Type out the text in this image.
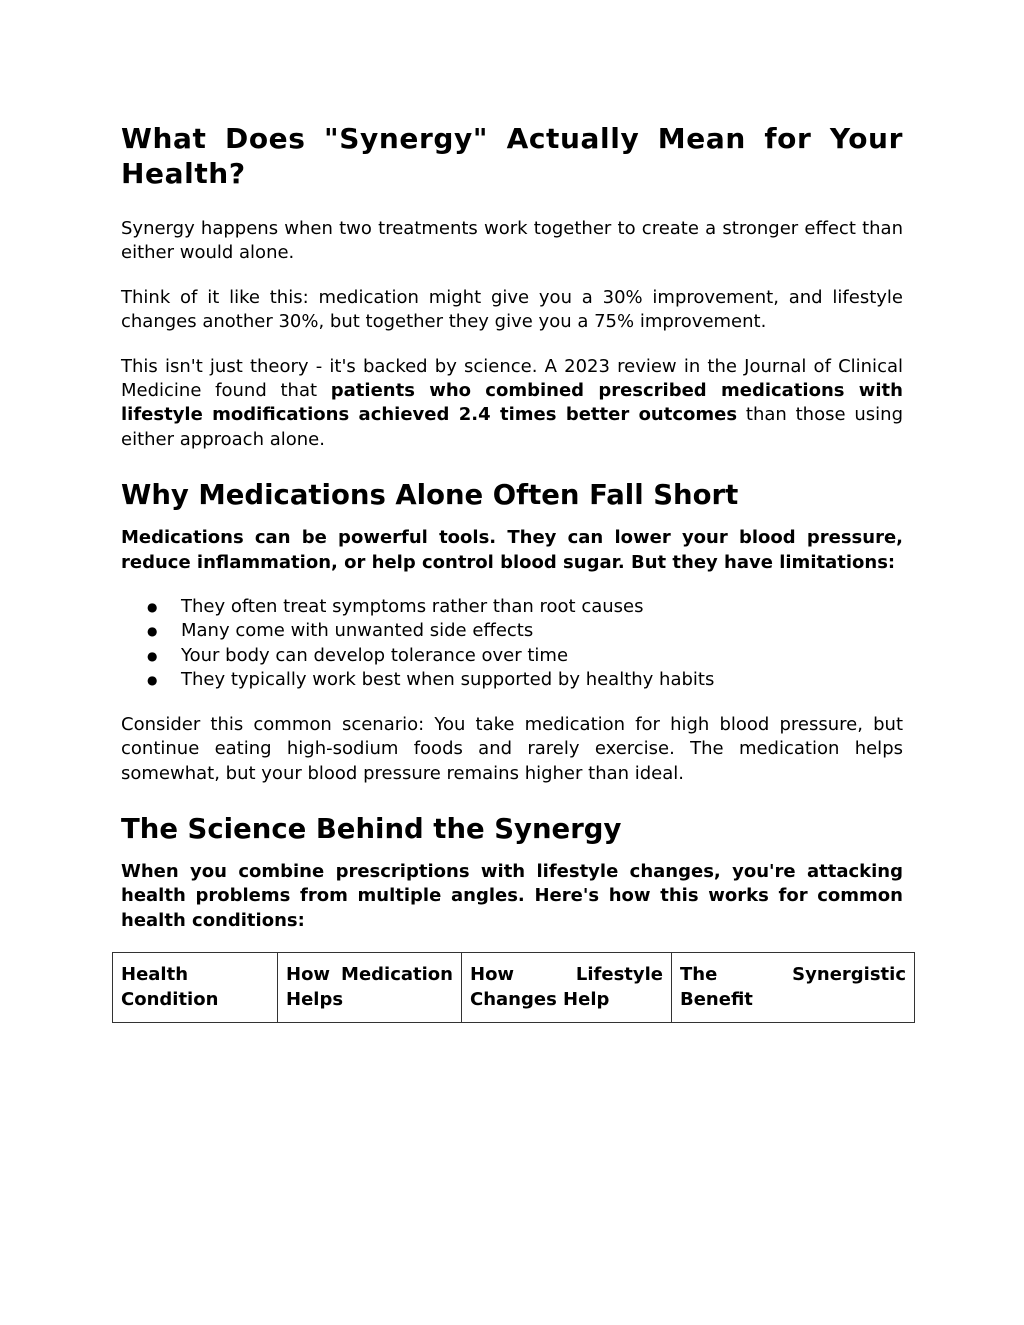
What Does "Synergy" Actually Mean for Your Health?

Synergy happens when two treatments work together to create a stronger effect than either would alone.

Think of it like this: medication might give you a 30% improvement, and lifestyle changes another 30%, but together they give you a 75% improvement.

This isn't just theory - it's backed by science. A 2023 review in the Journal of Clinical Medicine found that patients who combined prescribed medications with lifestyle modifications achieved 2.4 times better outcomes than those using either approach alone.

Why Medications Alone Often Fall Short

Medications can be powerful tools. They can lower your blood pressure, reduce inflammation, or help control blood sugar. But they have limitations:

● They often treat symptoms rather than root causes
● Many come with unwanted side effects
● Your body can develop tolerance over time
● They typically work best when supported by healthy habits

Consider this common scenario: You take medication for high blood pressure, but continue eating high-sodium foods and rarely exercise. The medication helps somewhat, but your blood pressure remains higher than ideal.

The Science Behind the Synergy

When you combine prescriptions with lifestyle changes, you're attacking health problems from multiple angles. Here's how this works for common health conditions:

Health Condition	How Medication Helps	How Lifestyle Changes Help	The Synergistic Benefit
